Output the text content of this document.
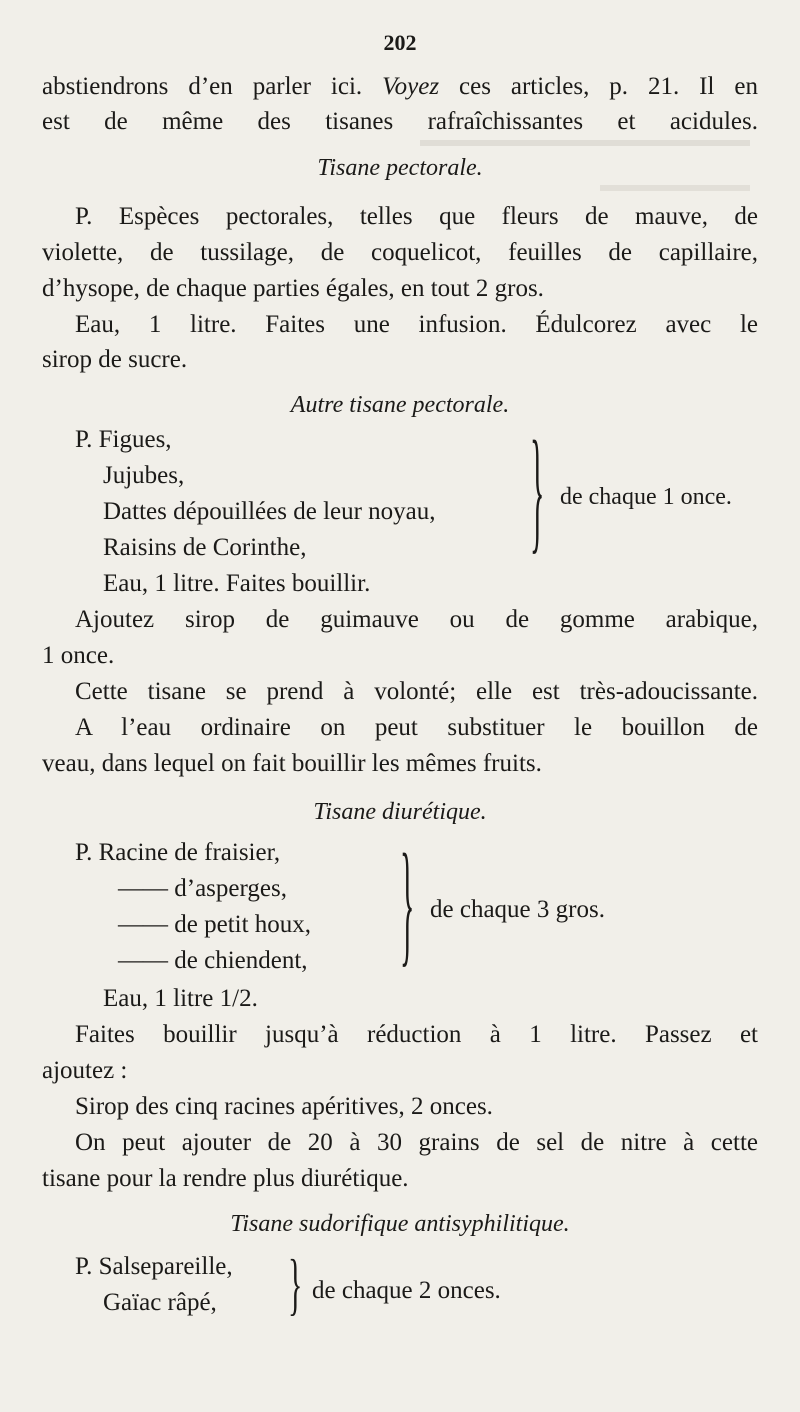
202
abstiendrons d’en parler ici. Voyez ces articles, p. 21. Il en
est de même des tisanes rafraîchissantes et acidules.
Tisane pectorale.
P. Espèces pectorales, telles que fleurs de mauve, de
violette, de tussilage, de coquelicot, feuilles de capillaire,
d’hysope, de chaque parties égales, en tout 2 gros.
Eau, 1 litre. Faites une infusion. Édulcorez avec le
sirop de sucre.
Autre tisane pectorale.
P. Figues,
Jujubes,
Dattes dépouillées de leur noyau,
Raisins de Corinthe,	} de chaque 1 once.
Eau, 1 litre. Faites bouillir.
Ajoutez sirop de guimauve ou de gomme arabique,
1 once.
Cette tisane se prend à volonté; elle est très-adoucissante.
A l’eau ordinaire on peut substituer le bouillon de
veau, dans lequel on fait bouillir les mêmes fruits.
Tisane diurétique.
P. Racine de fraisier,
—— d’asperges,
—— de petit houx,
—— de chiendent,	} de chaque 3 gros.
Eau, 1 litre 1/2.
Faites bouillir jusqu’à réduction à 1 litre. Passez et
ajoutez :
Sirop des cinq racines apéritives, 2 onces.
On peut ajouter de 20 à 30 grains de sel de nitre à cette
tisane pour la rendre plus diurétique.
Tisane sudorifique antisyphilitique.
P. Salsepareille,
Gaïac râpé, } de chaque 2 onces.
